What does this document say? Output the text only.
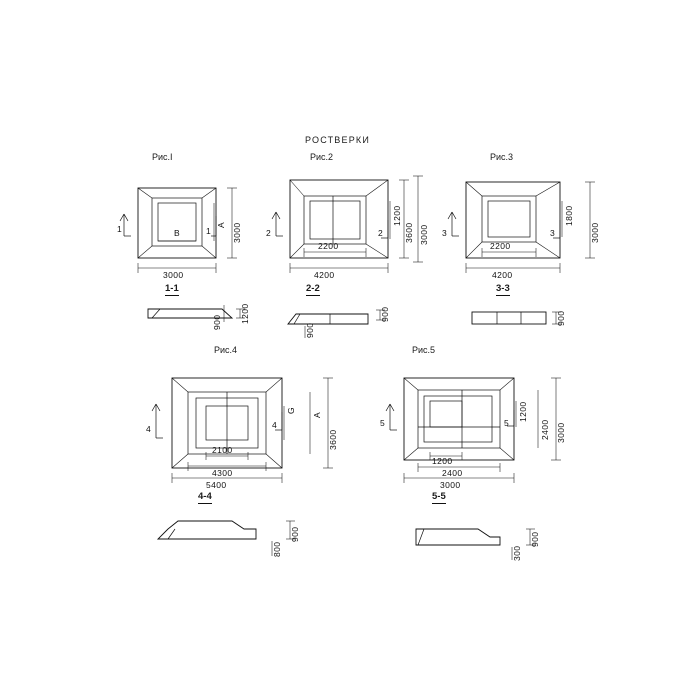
РОСТВЕРКИ
Рис.I	Рис.2	Рис.3
Рис.4	Рис.5
1-1	2-2	3-3
4-4	5-5
1	1	2	2	3	3
4	4	5	5
3000
3000
B
A
900 1200
4200
2200
3600 3000
1200
900
900
4200
2200
3000
1800
900
5400
4300
2100	3600
A
G
900
800
3000
2400
1200
3000
2400
1200
900
300
